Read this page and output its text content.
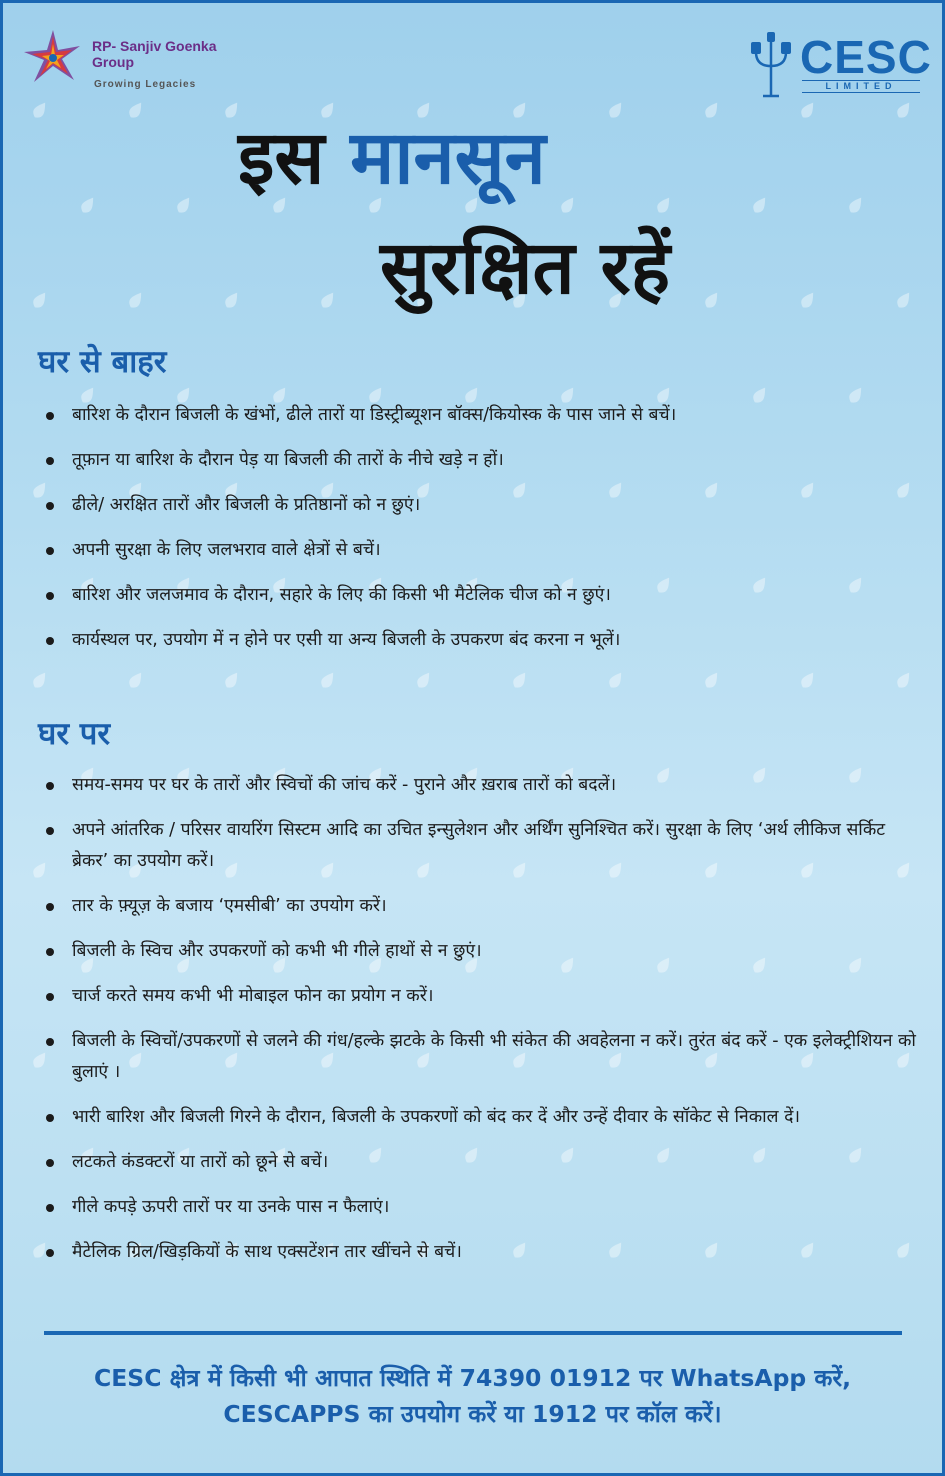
RP- Sanjiv Goenka Group
Growing Legacies
CESC
LIMITED
इस मानसून
सुरक्षित रहें
घर से बाहर
बारिश के दौरान बिजली के खंभों, ढीले तारों या डिस्ट्रीब्यूशन बॉक्स/कियोस्क के पास जाने से बचें।
तूफ़ान या बारिश के दौरान पेड़ या बिजली की तारों के नीचे खड़े न हों।
ढीले/ अरक्षित तारों और बिजली के प्रतिष्ठानों को न छुएं।
अपनी सुरक्षा के लिए जलभराव वाले क्षेत्रों से बचें।
बारिश और जलजमाव के दौरान, सहारे के लिए की किसी भी मैटेलिक चीज को न छुएं।
कार्यस्थल पर, उपयोग में न होने पर एसी या अन्य बिजली के उपकरण बंद करना न भूलें।
घर पर
समय-समय पर घर के तारों और स्विचों की जांच करें - पुराने और ख़राब तारों को बदलें।
अपने आंतरिक / परिसर वायरिंग सिस्टम आदि का उचित इन्सुलेशन और अर्थिंग सुनिश्चित करें। सुरक्षा के लिए ‘अर्थ लीकिज सर्किट ब्रेकर’ का उपयोग करें।
तार के फ़्यूज़ के बजाय ‘एमसीबी’ का उपयोग करें।
बिजली के स्विच और उपकरणों को कभी भी गीले हाथों से न छुएं।
चार्ज करते समय कभी भी मोबाइल फोन का प्रयोग न करें।
बिजली के स्विचों/उपकरणों से जलने की गंध/हल्के झटके के किसी भी संकेत की अवहेलना न करें। तुरंत बंद करें - एक इलेक्ट्रीशियन को बुलाएं ।
भारी बारिश और बिजली गिरने के दौरान, बिजली के उपकरणों को बंद कर दें और उन्हें दीवार के सॉकेट से निकाल दें।
लटकते कंडक्टरों या तारों को छूने से बचें।
गीले कपड़े ऊपरी तारों पर या उनके पास न फैलाएं।
मैटेलिक ग्रिल/खिड़कियों के साथ एक्सटेंशन तार खींचने से बचें।
CESC क्षेत्र में किसी भी आपात स्थिति में 74390 01912 पर WhatsApp करें,
CESCAPPS का उपयोग करें या 1912 पर कॉल करें।
